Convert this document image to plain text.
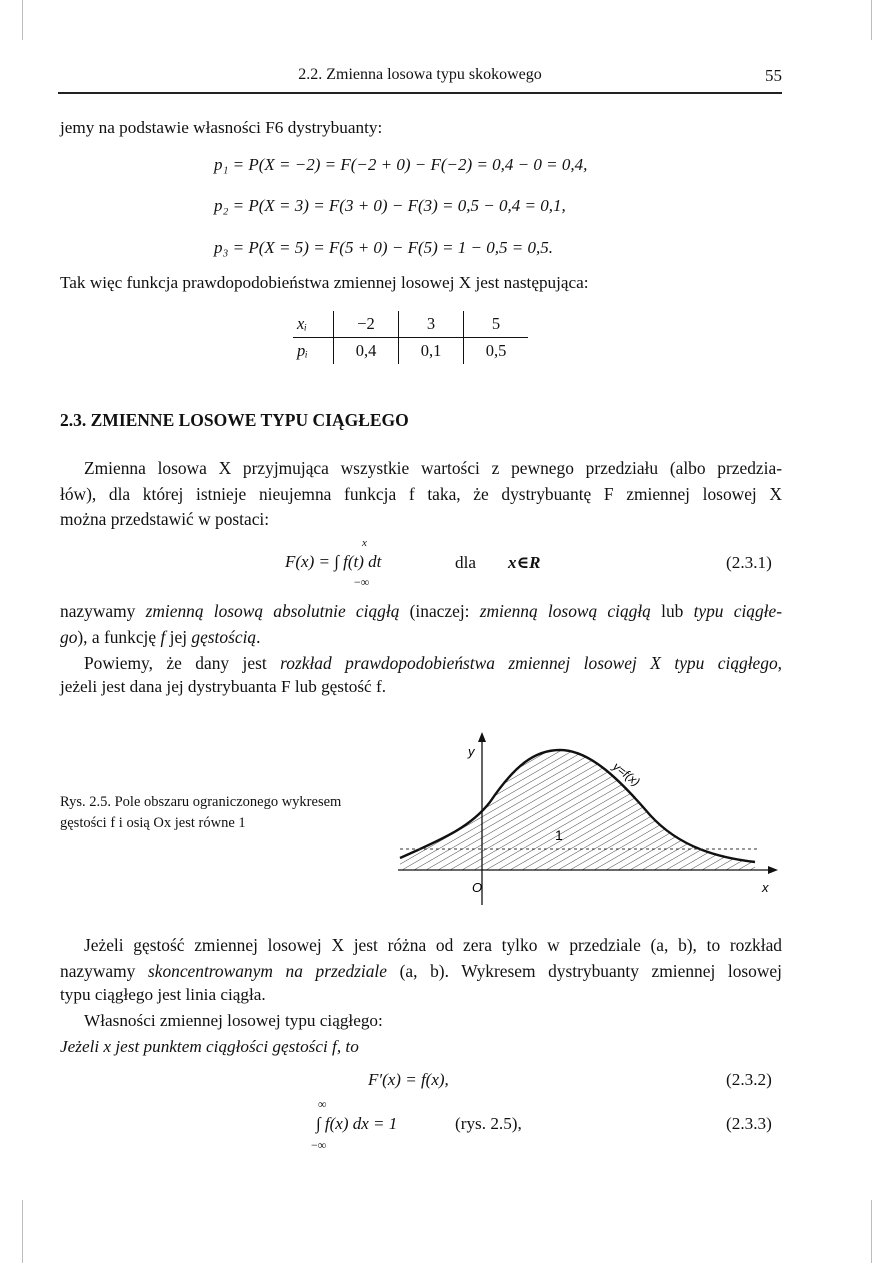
2.2. Zmienna losowa typu skokowego	55
jemy na podstawie własności F6 dystrybuanty:
p₁ = P(X = −2) = F(−2 + 0) − F(−2) = 0,4 − 0 = 0,4,
p₂ = P(X = 3) = F(3 + 0) − F(3) = 0,5 − 0,4 = 0,1,
p₃ = P(X = 5) = F(5 + 0) − F(5) = 1 − 0,5 = 0,5.
Tak więc funkcja prawdopodobieństwa zmiennej losowej X jest następująca:
xᵢ	−2	3	5
pᵢ	0,4	0,1	0,5
2.3. ZMIENNE LOSOWE TYPU CIĄGŁEGO
Zmienna losowa X przyjmująca wszystkie wartości z pewnego przedziału (albo przedzia-
łów), dla której istnieje nieujemna funkcja f taka, że dystrybuantę F zmiennej losowej X
można przedstawić w postaci:
x
F(x) = ∫ f(t) dt
−∞
dla x∈R	(2.3.1)
nazywamy zmienną losową absolutnie ciągłą (inaczej: zmienną losową ciągłą lub typu ciągłe-
go), a funkcję f jej gęstością.
Powiemy, że dany jest rozkład prawdopodobieństwa zmiennej losowej X typu ciągłego,
jeżeli jest dana jej dystrybuanta F lub gęstość f.
Rys. 2.5. Pole obszaru ograniczonego wykresem
gęstości f i osią Ox jest równe 1
y
x
O
1
y=f(x)
Jeżeli gęstość zmiennej losowej X jest różna od zera tylko w przedziale (a, b), to rozkład
nazywamy skoncentrowanym na przedziale (a, b). Wykresem dystrybuanty zmiennej losowej
typu ciągłego jest linia ciągła.
Własności zmiennej losowej typu ciągłego:
Jeżeli x jest punktem ciągłości gęstości f, to
F′(x) = f(x),	(2.3.2)
∞
∫ f(x) dx = 1
−∞
(rys. 2.5),	(2.3.3)
